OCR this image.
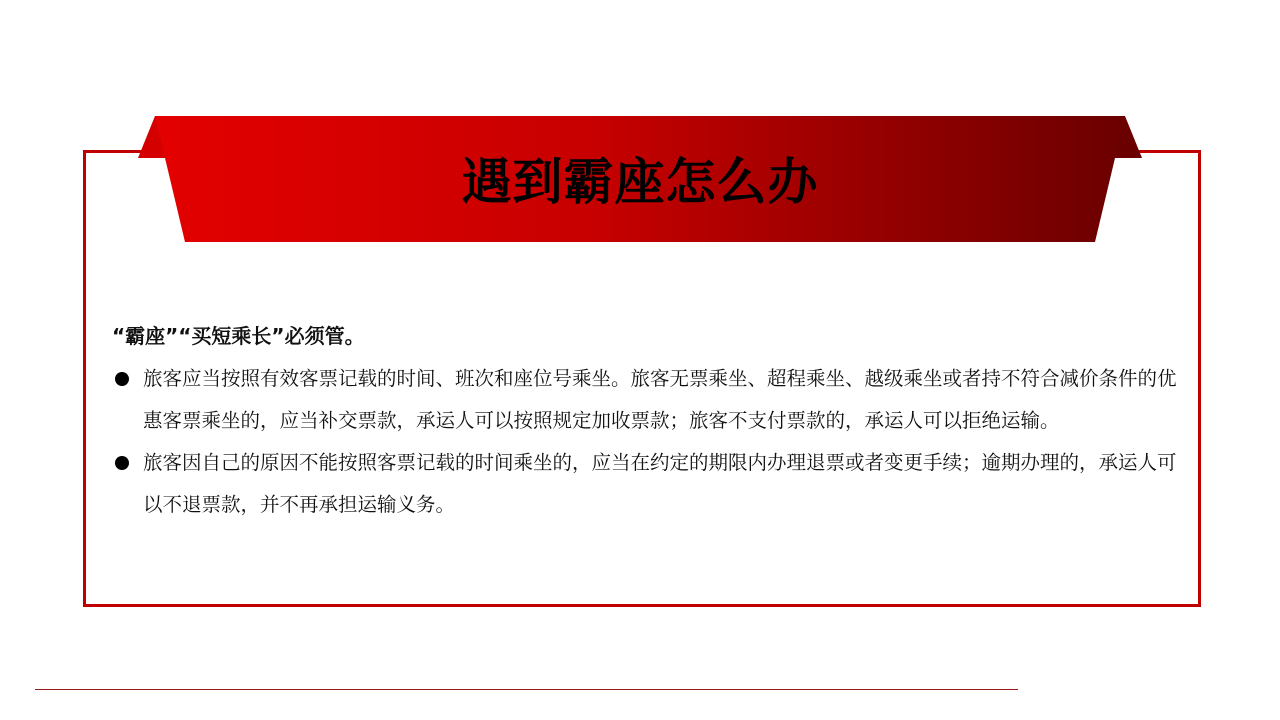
遇到霸座怎么办

“霸座”“买短乘长”必须管。

旅客应当按照有效客票记载的时间、班次和座位号乘坐。旅客无票乘坐、超程乘坐、越级乘坐或者持不符合减价条件的优惠客票乘坐的，应当补交票款，承运人可以按照规定加收票款；旅客不支付票款的，承运人可以拒绝运输。
旅客因自己的原因不能按照客票记载的时间乘坐的，应当在约定的期限内办理退票或者变更手续；逾期办理的，承运人可以不退票款，并不再承担运输义务。
